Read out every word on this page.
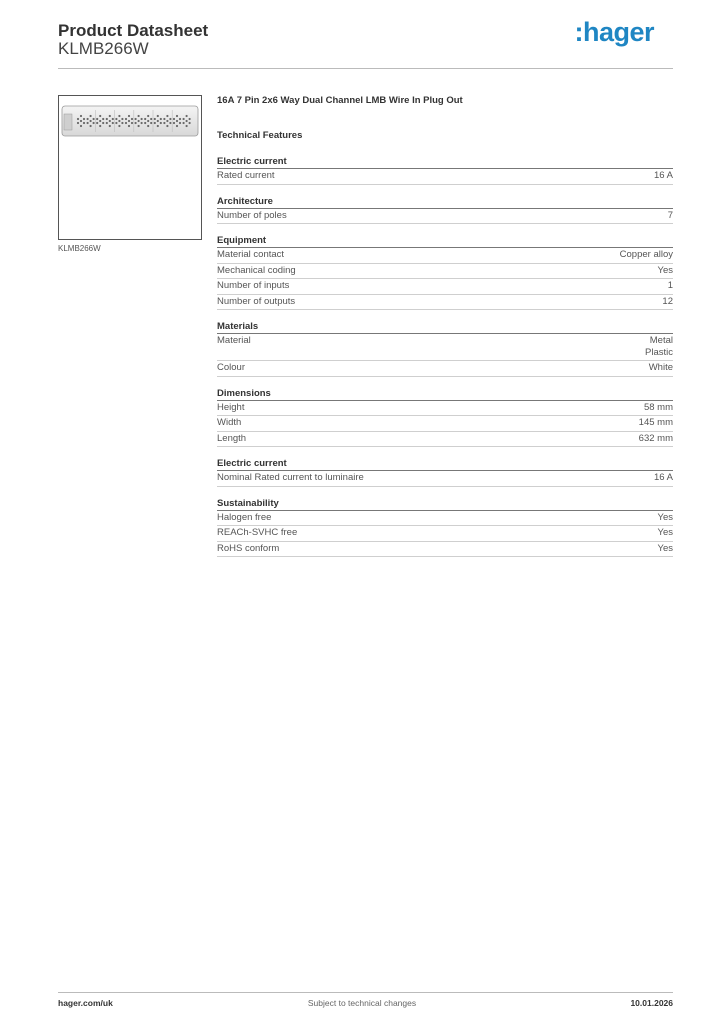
Product Datasheet
KLMB266W
:hager
KLMB266W
16A 7 Pin 2x6 Way Dual Channel LMB Wire In Plug Out
Technical Features
Electric current
Rated current	16 A
Architecture
Number of poles	7
Equipment
Material contact	Copper alloy
Mechanical coding	Yes
Number of inputs	1
Number of outputs	12
Materials
Material	Metal
Plastic
Colour	White
Dimensions
Height	58 mm
Width	145 mm
Length	632 mm
Electric current
Nominal Rated current to luminaire	16 A
Sustainability
Halogen free	Yes
REACh-SVHC free	Yes
RoHS conform	Yes
hager.com/uk	Subject to technical changes	10.01.2026
